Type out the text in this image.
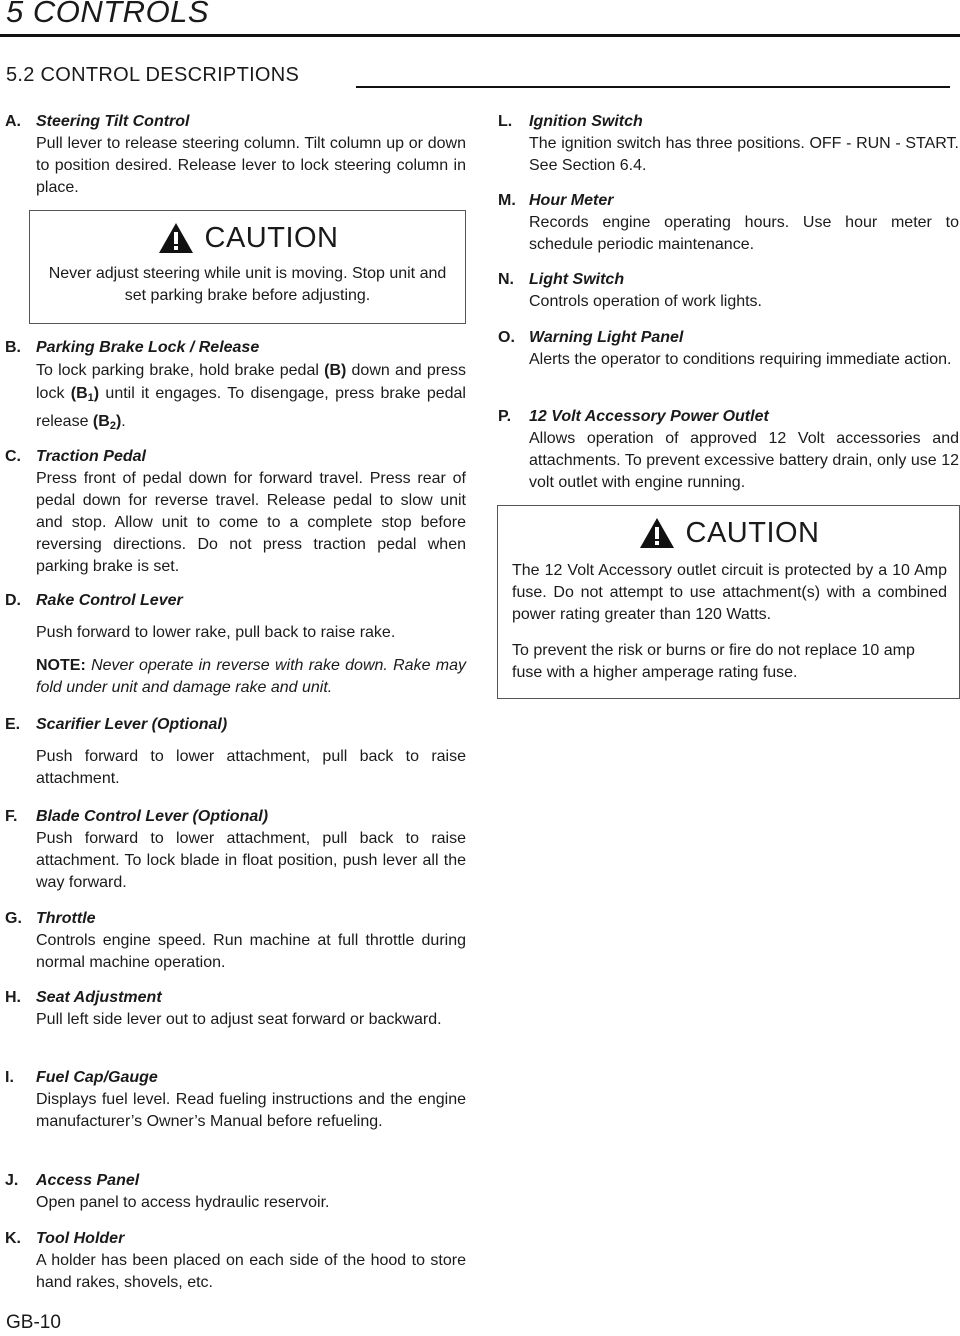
5 CONTROLS
5.2 CONTROL DESCRIPTIONS
A. Steering Tilt Control
Pull lever to release steering column. Tilt column up or down to position desired. Release lever to lock steering column in place.
CAUTION
Never adjust steering while unit is moving. Stop unit and set parking brake before adjusting.
B. Parking Brake Lock / Release
To lock parking brake, hold brake pedal (B) down and press lock $(B_1)$ until it engages. To disengage, press brake pedal release $(B_2)$.
C. Traction Pedal
Press front of pedal down for forward travel. Press rear of pedal down for reverse travel. Release pedal to slow unit and stop. Allow unit to come to a complete stop before reversing directions. Do not press traction pedal when parking brake is set.
D. Rake Control Lever
Push forward to lower rake, pull back to raise rake.
NOTE: Never operate in reverse with rake down. Rake may fold under unit and damage rake and unit.
E. Scarifier Lever (Optional)
Push forward to lower attachment, pull back to raise attachment.
F. Blade Control Lever (Optional)
Push forward to lower attachment, pull back to raise attachment. To lock blade in float position, push lever all the way forward.
G. Throttle
Controls engine speed. Run machine at full throttle during normal machine operation.
H. Seat Adjustment
Pull left side lever out to adjust seat forward or backward.
I. Fuel Cap/Gauge
Displays fuel level. Read fueling instructions and the engine manufacturer’s Owner’s Manual before refueling.
J. Access Panel
Open panel to access hydraulic reservoir.
K. Tool Holder
A holder has been placed on each side of the hood to store hand rakes, shovels, etc.
L. Ignition Switch
The ignition switch has three positions. OFF - RUN - START. See Section 6.4.
M. Hour Meter
Records engine operating hours. Use hour meter to schedule periodic maintenance.
N. Light Switch
Controls operation of work lights.
O. Warning Light Panel
Alerts the operator to conditions requiring immediate action.
P. 12 Volt Accessory Power Outlet
Allows operation of approved 12 Volt accessories and attachments. To prevent excessive battery drain, only use 12 volt outlet with engine running.
CAUTION
The 12 Volt Accessory outlet circuit is protected by a 10 Amp fuse. Do not attempt to use attachment(s) with a combined power rating greater than 120 Watts.
To prevent the risk or burns or fire do not replace 10 amp fuse with a higher amperage rating fuse.
GB-10
